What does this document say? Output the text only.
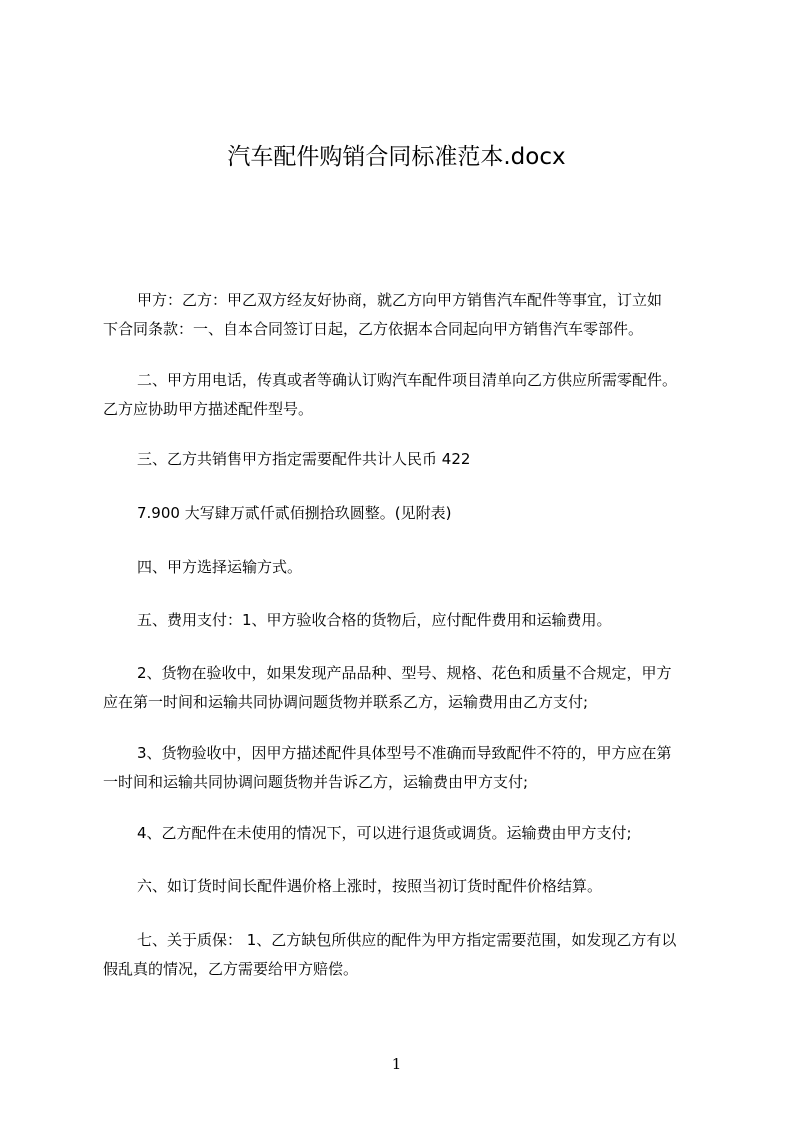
汽车配件购销合同标准范本.docx

甲方：乙方：甲乙双方经友好协商，就乙方向甲方销售汽车配件等事宜，订立如
下合同条款：一、自本合同签订日起，乙方依据本合同起向甲方销售汽车零部件。

二、甲方用电话，传真或者等确认订购汽车配件项目清单向乙方供应所需零配件。
乙方应协助甲方描述配件型号。

三、乙方共销售甲方指定需要配件共计人民币 422

7.900 大写肆万贰仟贰佰捌拾玖圆整。(见附表)

四、甲方选择运输方式。

五、费用支付：1、甲方验收合格的货物后，应付配件费用和运输费用。

2、货物在验收中，如果发现产品品种、型号、规格、花色和质量不合规定，甲方
应在第一时间和运输共同协调问题货物并联系乙方，运输费用由乙方支付;

3、货物验收中，因甲方描述配件具体型号不准确而导致配件不符的，甲方应在第
一时间和运输共同协调问题货物并告诉乙方，运输费由甲方支付;

4、乙方配件在未使用的情况下，可以进行退货或调货。运输费由甲方支付;

六、如订货时间长配件遇价格上涨时，按照当初订货时配件价格结算。

七、关于质保： 1、乙方缺包所供应的配件为甲方指定需要范围，如发现乙方有以
假乱真的情况，乙方需要给甲方赔偿。

1
